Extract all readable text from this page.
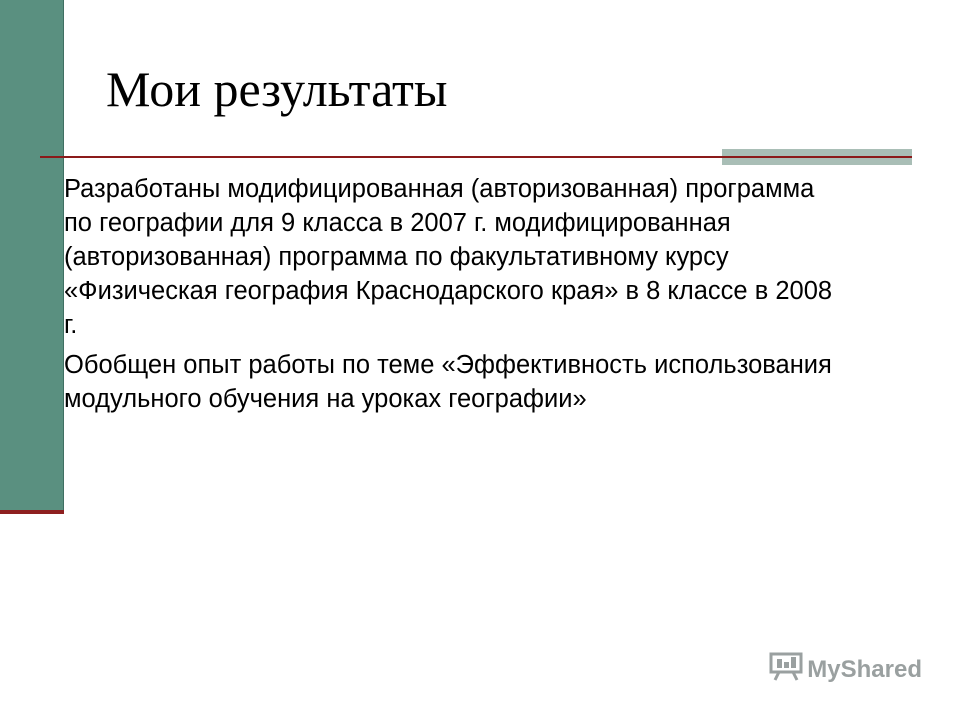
Мои результаты
Разработаны модифицированная (авторизованная) программа по географии для 9 класса в 2007 г. модифицированная (авторизованная) программа по факультативному курсу «Физическая география Краснодарского края» в 8 классе в 2008 г.
Обобщен опыт работы по теме «Эффективность использования модульного обучения на уроках географии»
MyShared
